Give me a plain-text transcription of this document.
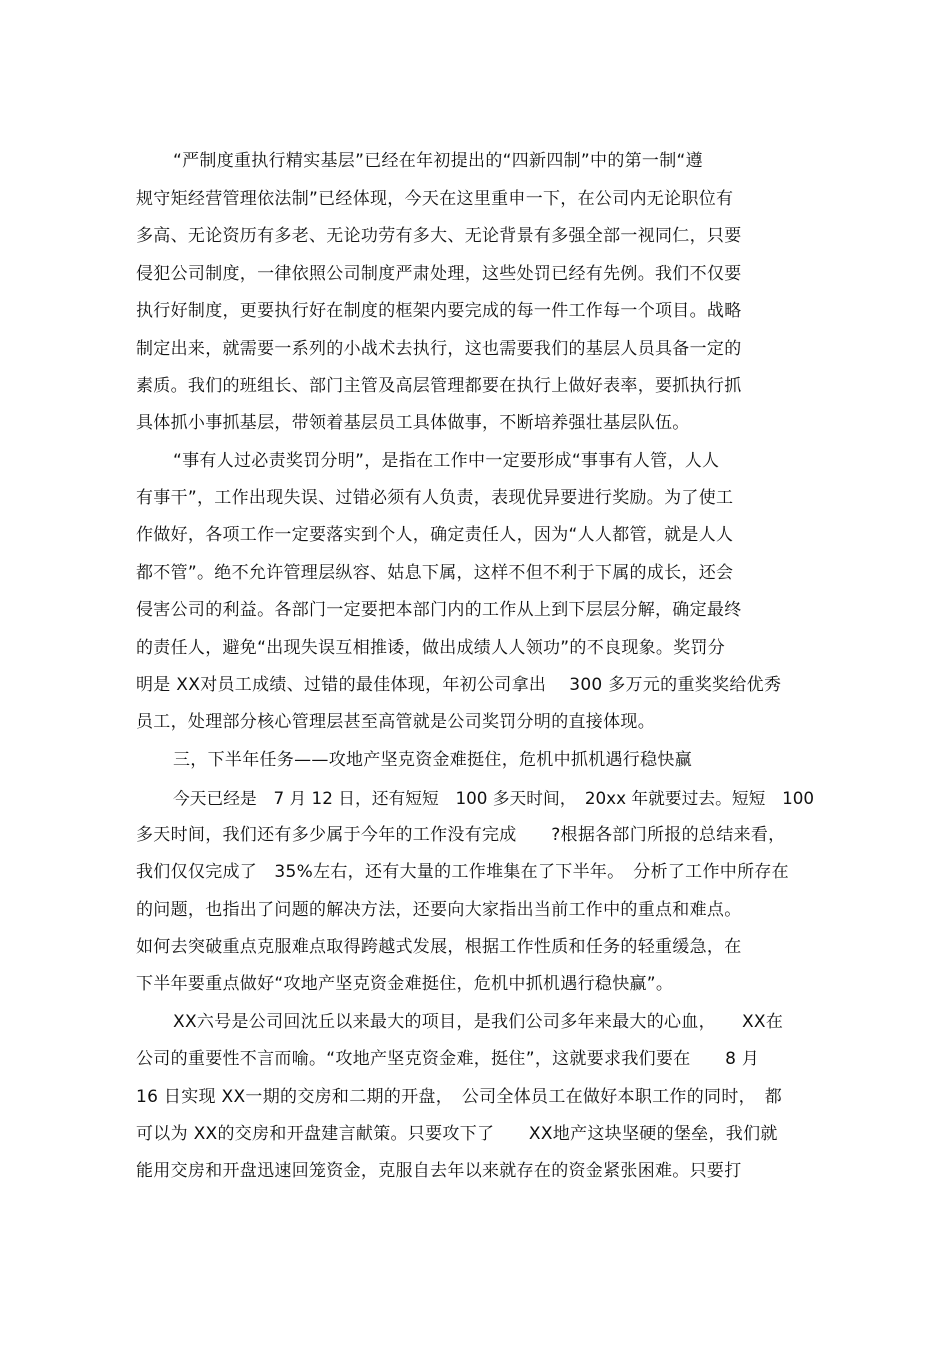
“严制度重执行精实基层”已经在年初提出的“四新四制”中的第一制“遵
规守矩经营管理依法制”已经体现，今天在这里重申一下，在公司内无论职位有
多高、无论资历有多老、无论功劳有多大、无论背景有多强全部一视同仁，只要
侵犯公司制度，一律依照公司制度严肃处理，这些处罚已经有先例。我们不仅要
执行好制度，更要执行好在制度的框架内要完成的每一件工作每一个项目。战略
制定出来，就需要一系列的小战术去执行，这也需要我们的基层人员具备一定的
素质。我们的班组长、部门主管及高层管理都要在执行上做好表率，要抓执行抓
具体抓小事抓基层，带领着基层员工具体做事，不断培养强壮基层队伍。
“事有人过必责奖罚分明”，是指在工作中一定要形成“事事有人管，人人
有事干”，工作出现失误、过错必须有人负责，表现优异要进行奖励。为了使工
作做好，各项工作一定要落实到个人，确定责任人，因为“人人都管，就是人人
都不管”。绝不允许管理层纵容、姑息下属，这样不但不利于下属的成长，还会
侵害公司的利益。各部门一定要把本部门内的工作从上到下层层分解，确定最终
的责任人，避免“出现失误互相推诿，做出成绩人人领功”的不良现象。奖罚分
明是 XX对员工成绩、过错的最佳体现，年初公司拿出　 300 多万元的重奖奖给优秀
员工，处理部分核心管理层甚至高管就是公司奖罚分明的直接体现。
三，下半年任务——攻地产坚克资金难挺住，危机中抓机遇行稳快赢
今天已经是　7 月 12 日，还有短短　100 多天时间，　20xx 年就要过去。短短　100
多天时间，我们还有多少属于今年的工作没有完成　　?根据各部门所报的总结来看，
我们仅仅完成了　35%左右，还有大量的工作堆集在了下半年。　分析了工作中所存在
的问题，也指出了问题的解决方法，还要向大家指出当前工作中的重点和难点。
如何去突破重点克服难点取得跨越式发展，根据工作性质和任务的轻重缓急，在
下半年要重点做好“攻地产坚克资金难挺住，危机中抓机遇行稳快赢”。
XX六号是公司回沈丘以来最大的项目，是我们公司多年来最大的心血，　　XX在
公司的重要性不言而喻。“攻地产坚克资金难，挺住”，这就要求我们要在　　8 月
16 日实现 XX一期的交房和二期的开盘，　公司全体员工在做好本职工作的同时，　都
可以为 XX的交房和开盘建言献策。只要攻下了　　XX地产这块坚硬的堡垒，我们就
能用交房和开盘迅速回笼资金，克服自去年以来就存在的资金紧张困难。只要打
